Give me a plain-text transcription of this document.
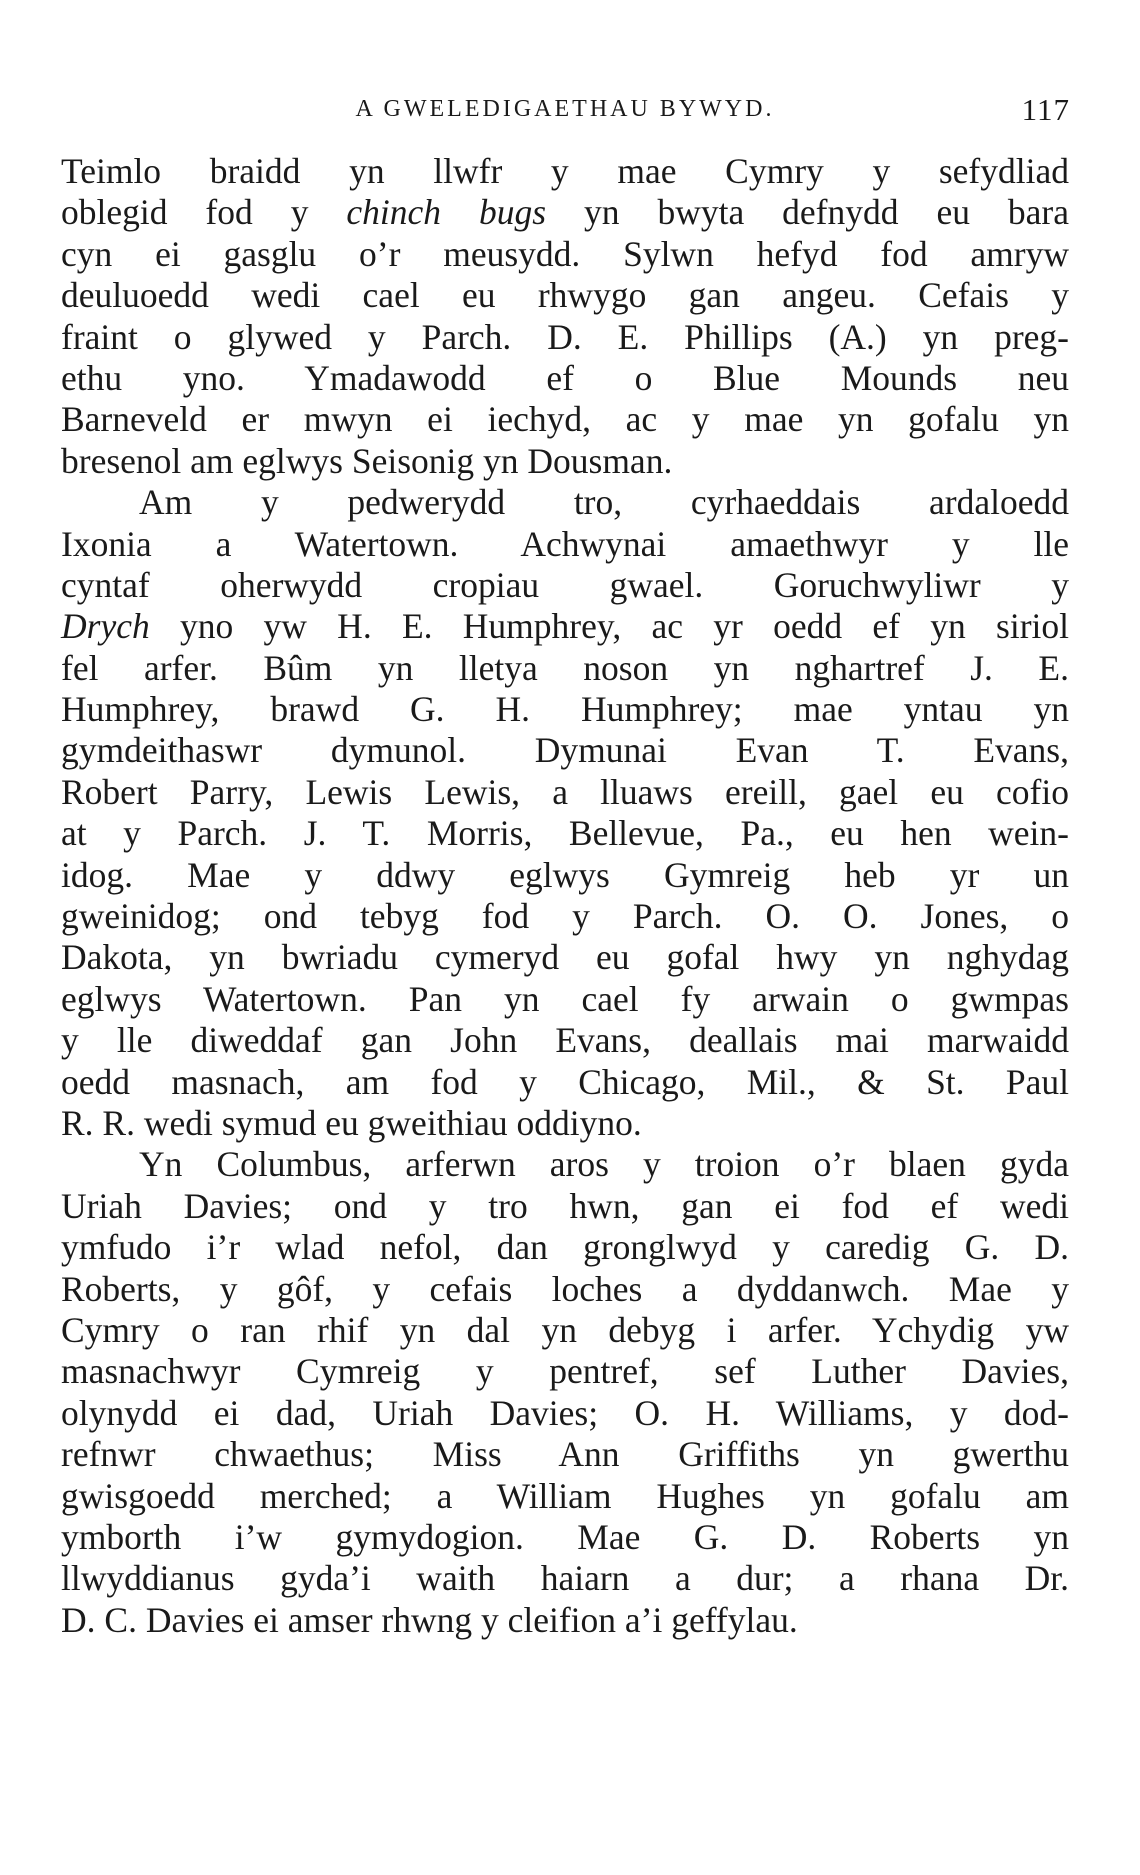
A GWELEDIGAETHAU BYWYD.	117
Teimlo braidd yn llwfr y mae Cymry y sefydliad
oblegid fod y chinch bugs yn bwyta defnydd eu bara
cyn ei gasglu o’r meusydd. Sylwn hefyd fod amryw
deuluoedd wedi cael eu rhwygo gan angeu. Cefais y
fraint o glywed y Parch. D. E. Phillips (A.) yn preg-
ethu yno. Ymadawodd ef o Blue Mounds neu
Barneveld er mwyn ei iechyd, ac y mae yn gofalu yn
bresenol am eglwys Seisonig yn Dousman.
Am y pedwerydd tro, cyrhaeddais ardaloedd
Ixonia a Watertown. Achwynai amaethwyr y lle
cyntaf oherwydd cropiau gwael. Goruchwyliwr y
Drych yno yw H. E. Humphrey, ac yr oedd ef yn siriol
fel arfer. Bûm yn lletya noson yn nghartref J. E.
Humphrey, brawd G. H. Humphrey; mae yntau yn
gymdeithaswr dymunol. Dymunai Evan T. Evans,
Robert Parry, Lewis Lewis, a lluaws ereill, gael eu cofio
at y Parch. J. T. Morris, Bellevue, Pa., eu hen wein-
idog. Mae y ddwy eglwys Gymreig heb yr un
gweinidog; ond tebyg fod y Parch. O. O. Jones, o
Dakota, yn bwriadu cymeryd eu gofal hwy yn nghydag
eglwys Watertown. Pan yn cael fy arwain o gwmpas
y lle diweddaf gan John Evans, deallais mai marwaidd
oedd masnach, am fod y Chicago, Mil., & St. Paul
R. R. wedi symud eu gweithiau oddiyno.
Yn Columbus, arferwn aros y troion o’r blaen gyda
Uriah Davies; ond y tro hwn, gan ei fod ef wedi
ymfudo i’r wlad nefol, dan gronglwyd y caredig G. D.
Roberts, y gôf, y cefais loches a dyddanwch. Mae y
Cymry o ran rhif yn dal yn debyg i arfer. Ychydig yw
masnachwyr Cymreig y pentref, sef Luther Davies,
olynydd ei dad, Uriah Davies; O. H. Williams, y dod-
refnwr chwaethus; Miss Ann Griffiths yn gwerthu
gwisgoedd merched; a William Hughes yn gofalu am
ymborth i’w gymydogion. Mae G. D. Roberts yn
llwyddianus gyda’i waith haiarn a dur; a rhana Dr.
D. C. Davies ei amser rhwng y cleifion a’i geffylau.
